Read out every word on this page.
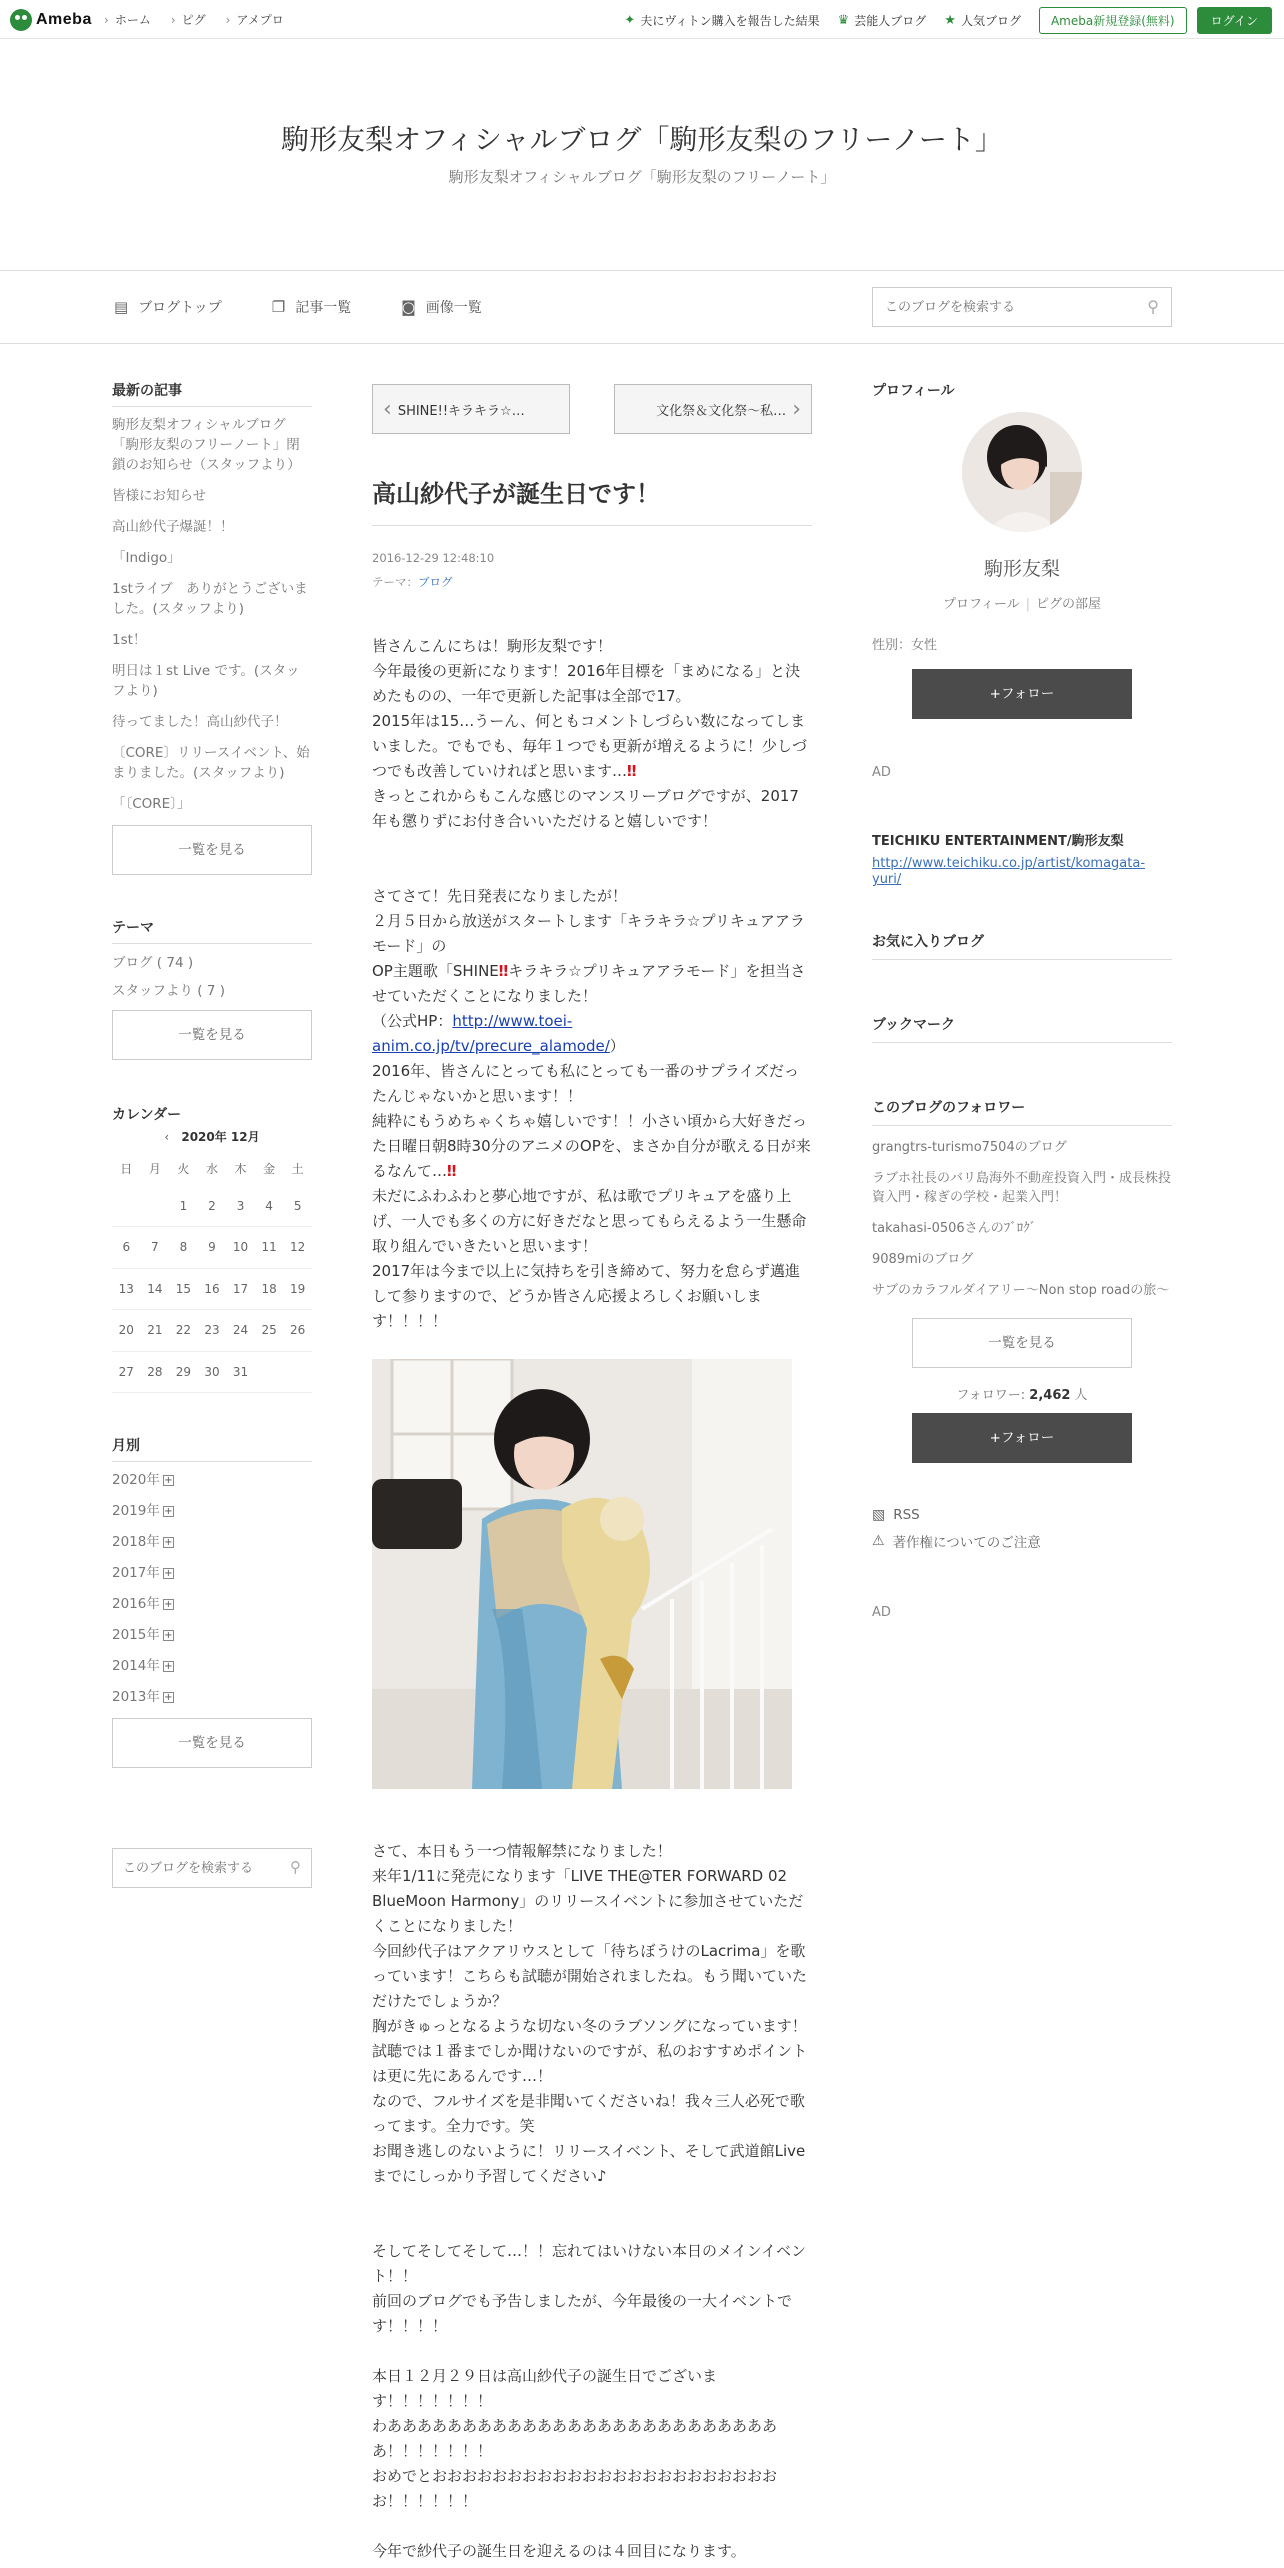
Ameba	› ホーム	› ピグ	› アメプロ	✦ 夫にヴィトン購入を報告した結果 ♛ 芸能人ブログ ★ 人気ブログ	Ameba新規登録(無料)	ログイン
駒形友梨オフィシャルブログ「駒形友梨のフリーノート」
駒形友梨オフィシャルブログ「駒形友梨のフリーノート」
▤ ブログトップ	❐ 記事一覧	◙ 画像一覧
このブログを検索する	⚲
最新の記事
駒形友梨オフィシャルブログ「駒形友梨のフリーノート」閉鎖のお知らせ（スタッフより）
皆様にお知らせ
高山紗代子爆誕！！
「Indigo」
1stライブ　ありがとうございました。(スタッフより)
1st！
明日は１st Live です。(スタッフより)
待ってました！高山紗代子！
〔CORE〕リリースイベント、始まりました。(スタッフより)
「〔CORE〕」
一覧を見る
テーマ
ブログ ( 74 )
スタッフより ( 7 )
一覧を見る
カレンダー
‹ 2020年 12月
日	月	火	水	木	金	土
		1	2	3	4	5
6	7	8	9	10	11	12
13	14	15	16	17	18	19
20	21	22	23	24	25	26
27	28	29	30	31		
月別
2020年 +
2019年 +
2018年 +
2017年 +
2016年 +
2015年 +
2014年 +
2013年 +
一覧を見る
このブログを検索する
⚲
‹ SHINE!!キラキラ☆…	文化祭＆文化祭～私… ›
高山紗代子が誕生日です！
2016-12-29 12:48:10
テーマ：ブログ

皆さんこんにちは！駒形友梨です！

今年最後の更新になります！2016年目標を「まめになる」と決めたものの、一年で更新した記事は全部で17。

2015年は15…うーん、何ともコメントしづらい数になってしまいました。でもでも、毎年１つでも更新が増えるように！少しづつでも改善していければと思います…‼

きっとこれからもこんな感じのマンスリーブログですが、2017年も懲りずにお付き合いいただけると嬉しいです！

さてさて！先日発表になりましたが！

２月５日から放送がスタートします「キラキラ☆プリキュアアラモード」の

OP主題歌「SHINE‼キラキラ☆プリキュアアラモード」を担当させていただくことになりました！

（公式HP：http://www.toei-anim.co.jp/tv/precure_alamode/）

2016年、皆さんにとっても私にとっても一番のサプライズだったんじゃないかと思います！！

純粋にもうめちゃくちゃ嬉しいです！！小さい頃から大好きだった日曜日朝8時30分のアニメのOPを、まさか自分が歌える日が来るなんて…‼

未だにふわふわと夢心地ですが、私は歌でプリキュアを盛り上げ、一人でも多くの方に好きだなと思ってもらえるよう一生懸命取り組んでいきたいと思います！

2017年は今まで以上に気持ちを引き締めて、努力を怠らず邁進して参りますので、どうか皆さん応援よろしくお願いします！！！！

さて、本日もう一つ情報解禁になりました！

来年1/11に発売になります「LIVE THE@TER FORWARD 02 BlueMoon Harmony」のリリースイベントに参加させていただくことになりました！

今回紗代子はアクアリウスとして「待ちぼうけのLacrima」を歌っています！こちらも試聴が開始されましたね。もう聞いていただけたでしょうか？

胸がきゅっとなるような切ない冬のラブソングになっています！試聴では１番までしか聞けないのですが、私のおすすめポイントは更に先にあるんです…！

なので、フルサイズを是非聞いてくださいね！我々三人必死で歌ってます。全力です。笑

お聞き逃しのないように！リリースイベント、そして武道館Liveまでにしっかり予習してください♪

そしてそしてそして…！！忘れてはいけない本日のメインイベント！！

前回のブログでも予告しましたが、今年最後の一大イベントです！！！！

本日１２月２９日は高山紗代子の誕生日でございます！！！！！！！

わあああああああああああああああああああああああああああ！！！！！！！

おめでとおおおおおおおおおおおおおおおおおおおおおおおお！！！！！！

今年で紗代子の誕生日を迎えるのは４回目になります。

プロフィール
駒形友梨
プロフィール | ピグの部屋
性別：女性
+フォロー
AD
TEICHIKU ENTERTAINMENT/駒形友梨
http://www.teichiku.co.jp/artist/komagata-yuri/
お気に入りブログ
ブックマーク
このブログのフォロワー
grangtrs-turismo7504のブログ
ラブホ社長のバリ島海外不動産投資入門・成長株投資入門・稼ぎの学校・起業入門！
takahasi-0506さんのﾌﾞﾛｸﾞ
9089miのブログ
サブのカラフルダイアリー～Non stop roadの旅～
一覧を見る
フォロワー: 2,462 人
+フォロー
▧ RSS
⚠ 著作権についてのご注意
AD
